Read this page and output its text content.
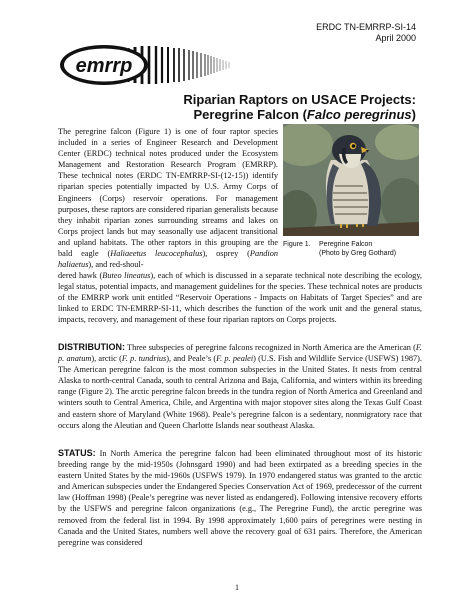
ERDC TN-EMRRP-SI-14
April 2000
emrrp
Riparian Raptors on USACE Projects:
Peregrine Falcon (Falco peregrinus)
Figure 1. Peregrine Falcon
(Photo by Greg Gothard)
The peregrine falcon (Figure 1) is one of four raptor species included in a series of Engineer Research and Development Center (ERDC) technical notes produced under the Ecosystem Management and Restoration Research Program (EMRRP). These technical notes (ERDC TN-EMRRP-SI-(12-15)) identify riparian species potentially impacted by U.S. Army Corps of Engineers (Corps) reservoir operations. For management purposes, these raptors are considered riparian generalists because they inhabit riparian zones surrounding streams and lakes on Corps project lands but may seasonally use adjacent transitional and upland habitats. The other raptors in this grouping are the bald eagle (Haliaeetus leucocephalus), osprey (Pandion haliaetus), and red-shoul-
dered hawk (Buteo lineatus), each of which is discussed in a separate technical note describing the ecology, legal status, potential impacts, and management guidelines for the species. These technical notes are products of the EMRRP work unit entitled “Reservoir Operations - Impacts on Habitats of Target Species” and are linked to ERDC TN-EMRRP-SI-11, which describes the function of the work unit and the general status, impacts, recovery, and management of these four riparian raptors on Corps projects.
DISTRIBUTION: Three subspecies of peregrine falcons recognized in North America are the American (F. p. anatum), arctic (F. p. tundrius), and Peale’s (F. p. pealei) (U.S. Fish and Wildlife Service (USFWS) 1987). The American peregrine falcon is the most common subspecies in the United States. It nests from central Alaska to north-central Canada, south to central Arizona and Baja, California, and winters within its breeding range (Figure 2). The arctic peregrine falcon breeds in the tundra region of North America and Greenland and winters south to Central America, Chile, and Argentina with major stopover sites along the Texas Gulf Coast and eastern shore of Maryland (White 1968). Peale’s peregrine falcon is a sedentary, nonmigratory race that occurs along the Aleutian and Queen Charlotte Islands near southeast Alaska.
STATUS: In North America the peregrine falcon had been eliminated throughout most of its historic breeding range by the mid-1950s (Johnsgard 1990) and had been extirpated as a breeding species in the eastern United States by the mid-1960s (USFWS 1979). In 1970 endangered status was granted to the arctic and American subspecies under the Endangered Species Conservation Act of 1969, predecessor of the current law (Hoffman 1998) (Peale’s peregrine was never listed as endangered). Following intensive recovery efforts by the USFWS and peregrine falcon organizations (e.g., The Peregrine Fund), the arctic peregrine was removed from the federal list in 1994. By 1998 approximately 1,600 pairs of peregrines were nesting in Canada and the United States, numbers well above the recovery goal of 631 pairs. Therefore, the American peregrine was considered
1
